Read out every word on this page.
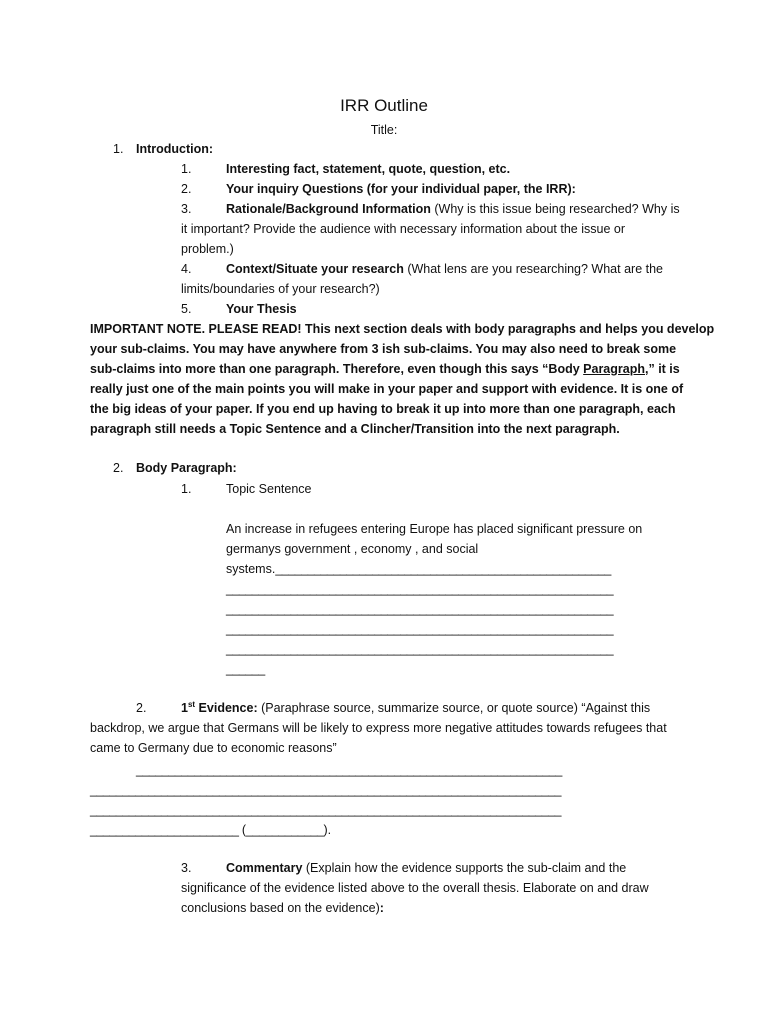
IRR Outline
Title:
1. Introduction:
1.	Interesting fact, statement, quote, question, etc.
2.	Your inquiry Questions (for your individual paper, the IRR):
3.	Rationale/Background Information (Why is this issue being researched? Why is
it important? Provide the audience with necessary information about the issue or
problem.)
4.	Context/Situate your research (What lens are you researching? What are the
limits/boundaries of your research?)
5.	Your Thesis
IMPORTANT NOTE. PLEASE READ! This next section deals with body paragraphs and helps you develop
your sub-claims. You may have anywhere from 3 ish sub-claims. You may also need to break some
sub-claims into more than one paragraph. Therefore, even though this says “Body Paragraph,” it is
really just one of the main points you will make in your paper and support with evidence. It is one of
the big ideas of your paper. If you end up having to break it up into more than one paragraph, each
paragraph still needs a Topic Sentence and a Clincher/Transition into the next paragraph.
2. Body Paragraph:
1.	Topic Sentence
An increase in refugees entering Europe has placed significant pressure on
germanys government , economy , and social
systems.____________________________________________________
____________________________________________________________
____________________________________________________________
____________________________________________________________
____________________________________________________________
______
2.	1st Evidence: (Paraphrase source, summarize source, or quote source) “Against this
backdrop, we argue that Germans will be likely to express more negative attitudes towards refugees that
came to Germany due to economic reasons”
__________________________________________________________________
_________________________________________________________________________
_________________________________________________________________________
_______________________ (____________).
3.	Commentary (Explain how the evidence supports the sub-claim and the
significance of the evidence listed above to the overall thesis. Elaborate on and draw
conclusions based on the evidence):
